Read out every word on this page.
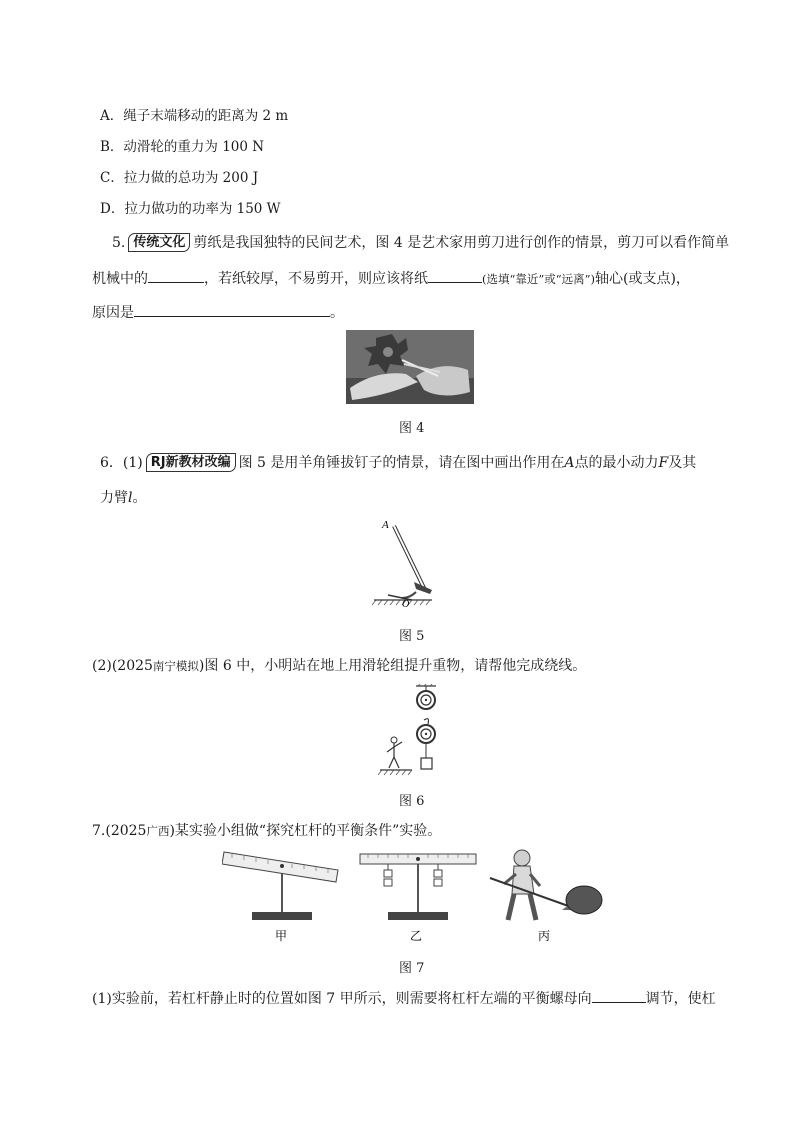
A．绳子末端移动的距离为 2 m
B．动滑轮的重力为 100 N
C．拉力做的总功为 200 J
D．拉力做功的功率为 150 W
5. 传统文化 剪纸是我国独特的民间艺术，图 4 是艺术家用剪刀进行创作的情景，剪刀可以看作简单
机械中的	，若纸较厚，不易剪开，则应该将纸	(选填“靠近”或“远离”)轴心(或支点)，
原因是	。
图 4
6．(1) RJ新教材改编 图 5 是用羊角锤拔钉子的情景，请在图中画出作用在A点的最小动力F及其
力臂l。
A
O
图 5
(2)(2025南宁模拟)图 6 中，小明站在地上用滑轮组提升重物，请帮他完成绕线。
图 6
7.(2025广西)某实验小组做“探究杠杆的平衡条件”实验。
甲	乙	丙
图 7
(1)实验前，若杠杆静止时的位置如图 7 甲所示，则需要将杠杆左端的平衡螺母向	调节，使杠
